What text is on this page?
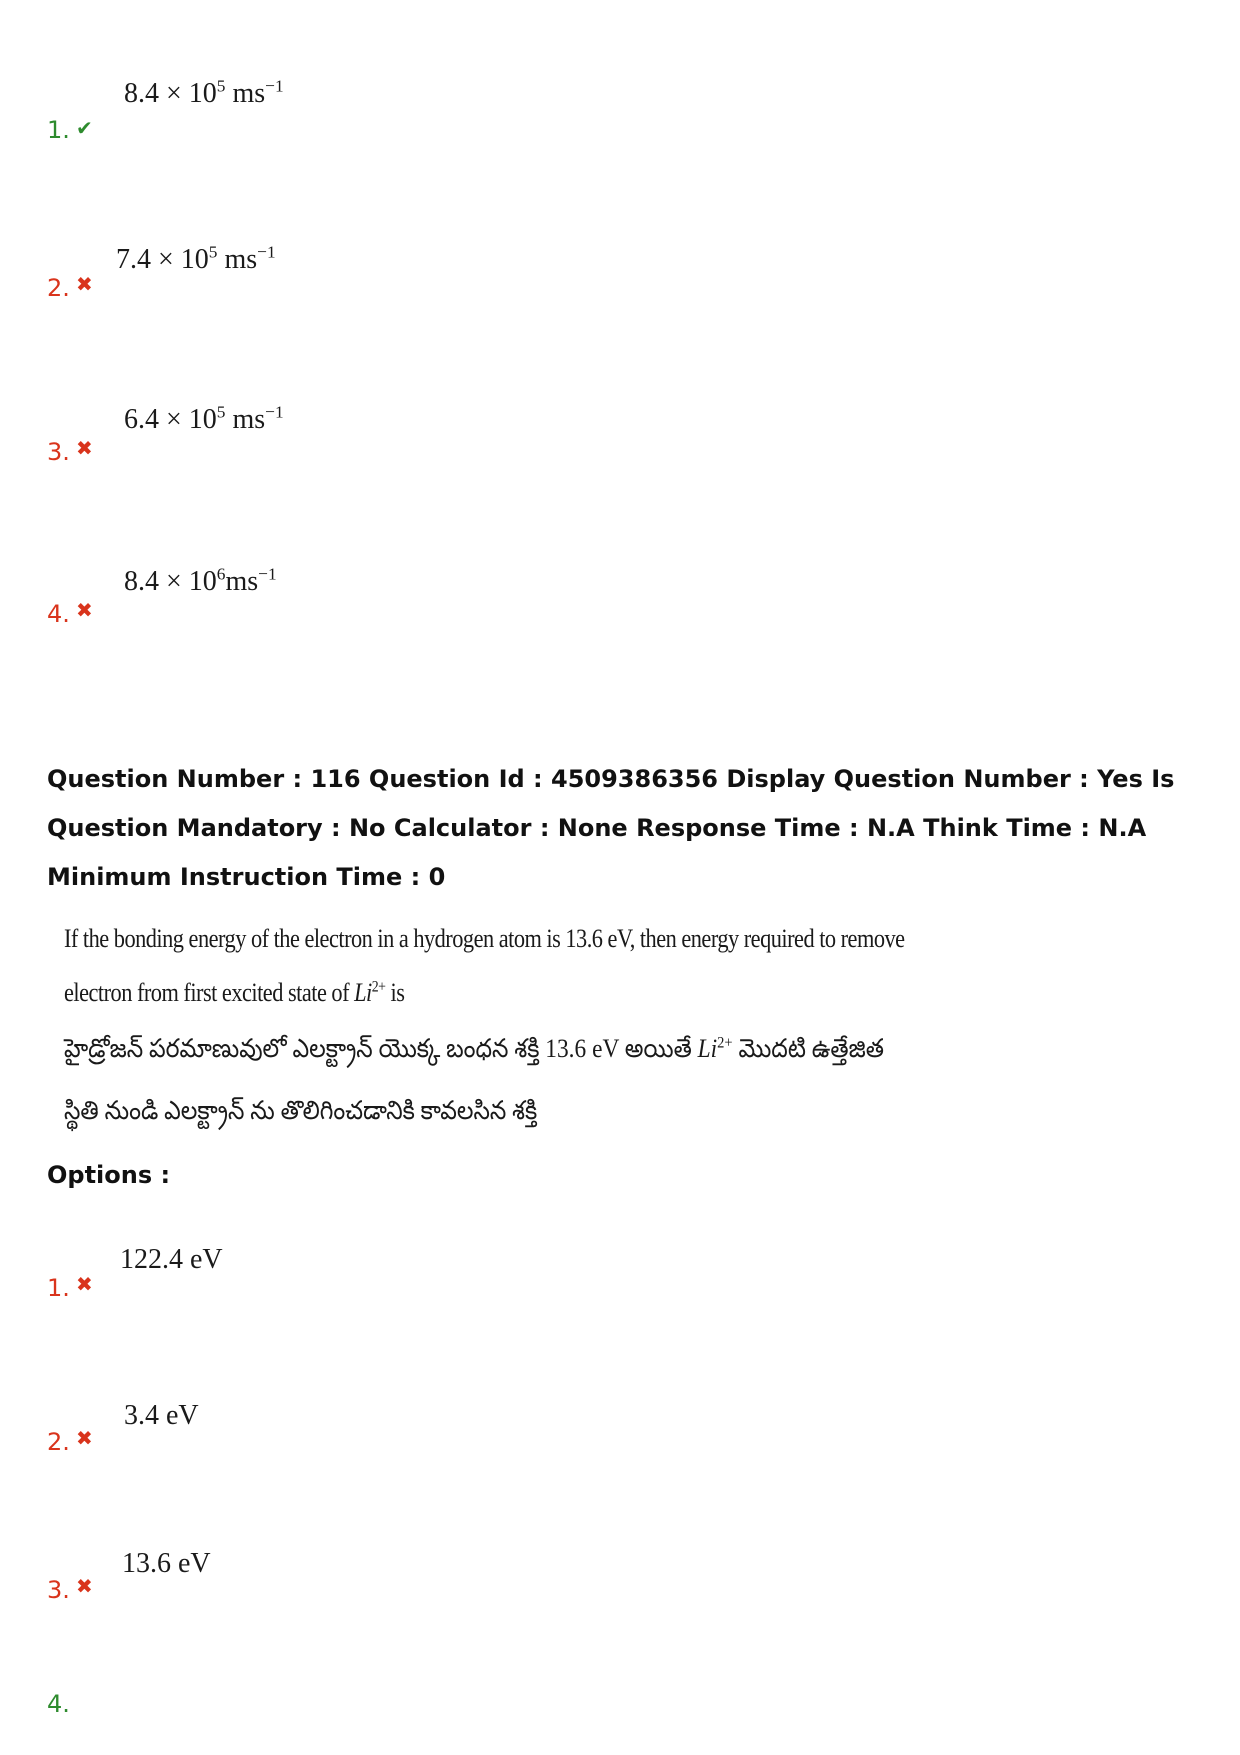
1. ✔
$8.4 \times 10^5$ $ms^{-1}$
2. ✖
$7.4 \times 10^5$ $ms^{-1}$
3. ✖
$6.4 \times 10^5$ $ms^{-1}$
4. ✖
$8.4 \times 10^6ms^{-1}$
Question Number : 116 Question Id : 4509386356 Display Question Number : Yes Is Question Mandatory : No Calculator : None Response Time : N.A Think Time : N.A Minimum Instruction Time : 0
If the bonding energy of the electron in a hydrogen atom is 13.6 eV, then energy required to remove
electron from first excited state of $Li^{2+}$ is
హైడ్రోజన్ పరమాణువులో ఎలక్ట్రాన్ యొక్క బంధన శక్తి 13.6 eV అయితే $Li^{2+}$ మొదటి ఉత్తేజిత
స్థితి నుండి ఎలక్ట్రాన్ ను తొలిగించడానికి కావలసిన శక్తి
Options :
1. ✖
122.4 eV
2. ✖
3.4 eV
3. ✖
13.6 eV
4.
